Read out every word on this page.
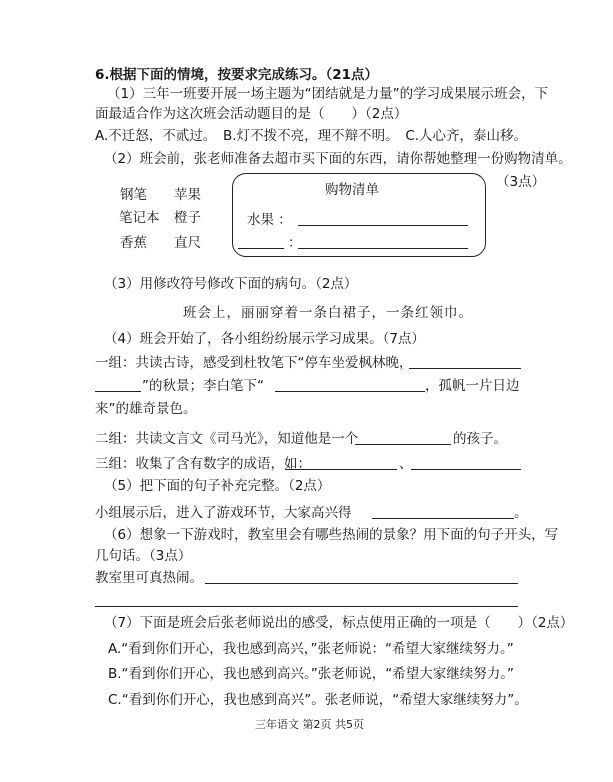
6.根据下面的情境，按要求完成练习。（21点）
（1）三年一班要开展一场主题为“团结就是力量”的学习成果展示班会，下
面最适合作为这次班会活动题目的是（　　）（2点）
A.不迁怒，不贰过。　B.灯不拨不亮，理不辩不明。　C.人心齐，泰山移。
（2）班会前，张老师准备去超市买下面的东西，请你帮她整理一份购物清单。
钢笔 苹果
笔记本 橙子
香蕉 直尺
购物清单
水果 ：
：
（3点）
（3）用修改符号修改下面的病句。（2点）
班会上，丽丽穿着一条白裙子，一条红领巾。
（4）班会开始了，各小组纷纷展示学习成果。（7点）
一组：共读古诗，感受到杜牧笔下“停车坐爱枫林晚，
”的秋景；李白笔下“	，孤帆一片日边
来”的雄奇景色。
二组：共读文言文《司马光》，知道他是一个	的孩子。
三组：收集了含有数字的成语，如：	、
（5）把下面的句子补充完整。（2点）
小组展示后，进入了游戏环节，大家高兴得	。
（6）想象一下游戏时，教室里会有哪些热闹的景象？用下面的句子开头，写
几句话。（3点）
教室里可真热闹。
（7）下面是班会后张老师说出的感受，标点使用正确的一项是（　　）（2点）
A.“看到你们开心，我也感到高兴，”张老师说：“希望大家继续努力。”
B.“看到你们开心，我也感到高兴。”张老师说，“希望大家继续努力。”
C.“看到你们开心，我也感到高兴”。张老师说，“希望大家继续努力”。
三年语文 第2页 共5页
